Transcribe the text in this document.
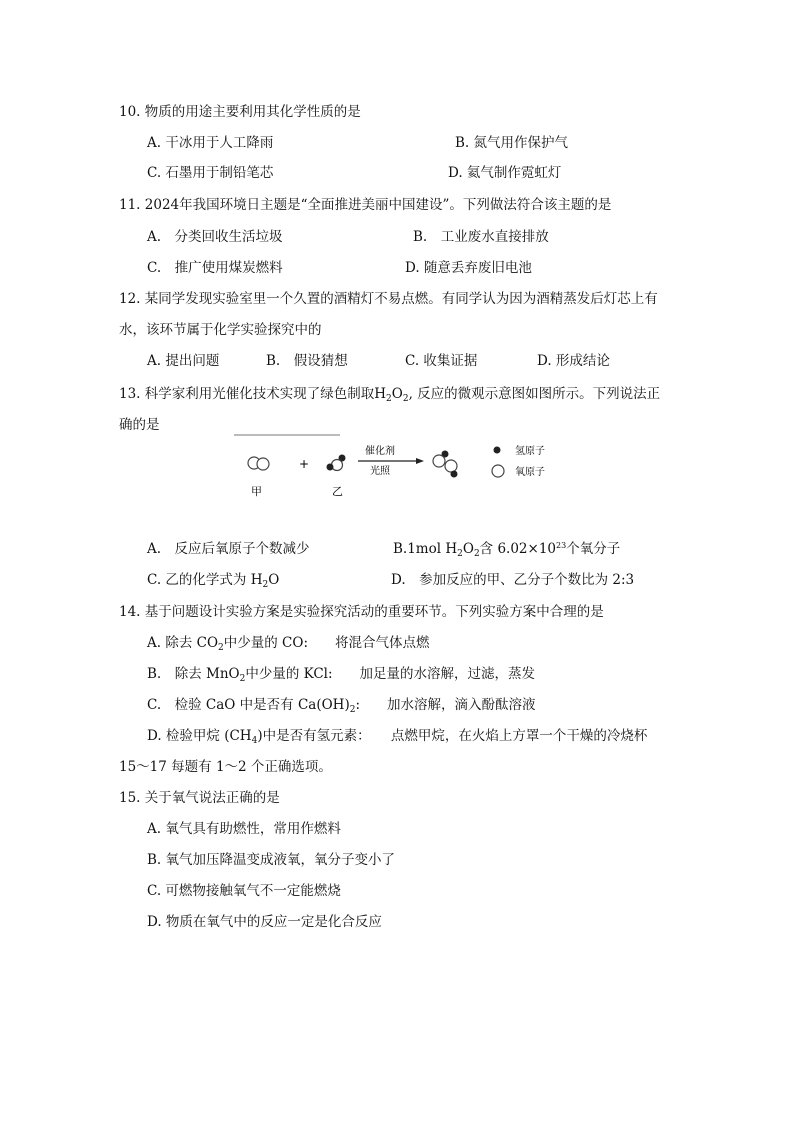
10. 物质的用途主要利用其化学性质的是
A. 干冰用于人工降雨	B. 氮气用作保护气
C. 石墨用于制铅笔芯	D. 氦气制作霓虹灯
11. 2024年我国环境日主题是“全面推进美丽中国建设”。下列做法符合该主题的是
A.　分类回收生活垃圾	B.　工业废水直接排放
C.　推广使用煤炭燃料	D. 随意丢弃废旧电池
12. 某同学发现实验室里一个久置的酒精灯不易点燃。有同学认为因为酒精蒸发后灯芯上有
水，该环节属于化学实验探究中的
A. 提出问题	B.　假设猜想	C. 收集证据	D. 形成结论
13. 科学家利用光催化技术实现了绿色制取$H_2O_2$, 反应的微观示意图如图所示。下列说法正
确的是
+
甲	乙
催化剂
光照
氢原子
氧原子
A.　反应后氧原子个数减少	B.1mol $H_2O_2$含 $6.02\times 10^{23}$个氧分子
C. 乙的化学式为 $H_2O$	D.　参加反应的甲、乙分子个数比为 2:3
14. 基于问题设计实验方案是实验探究活动的重要环节。下列实验方案中合理的是
A. 除去 $CO_2$中少量的 CO:　　将混合气体点燃
B.　除去 MnO$_2$中少量的 KCl:　　加足量的水溶解，过滤，蒸发
C.　检验 CaO 中是否有 $Ca(OH)_2$:　　加水溶解，滴入酚酞溶液
D. 检验甲烷 $(CH_4)$中是否有氢元素：　　点燃甲烷，在火焰上方罩一个干燥的冷烧杯
15～17 每题有 1～2 个正确选项。
15. 关于氧气说法正确的是
A. 氧气具有助燃性，常用作燃料
B. 氧气加压降温变成液氧，氧分子变小了
C. 可燃物接触氧气不一定能燃烧
D. 物质在氧气中的反应一定是化合反应
